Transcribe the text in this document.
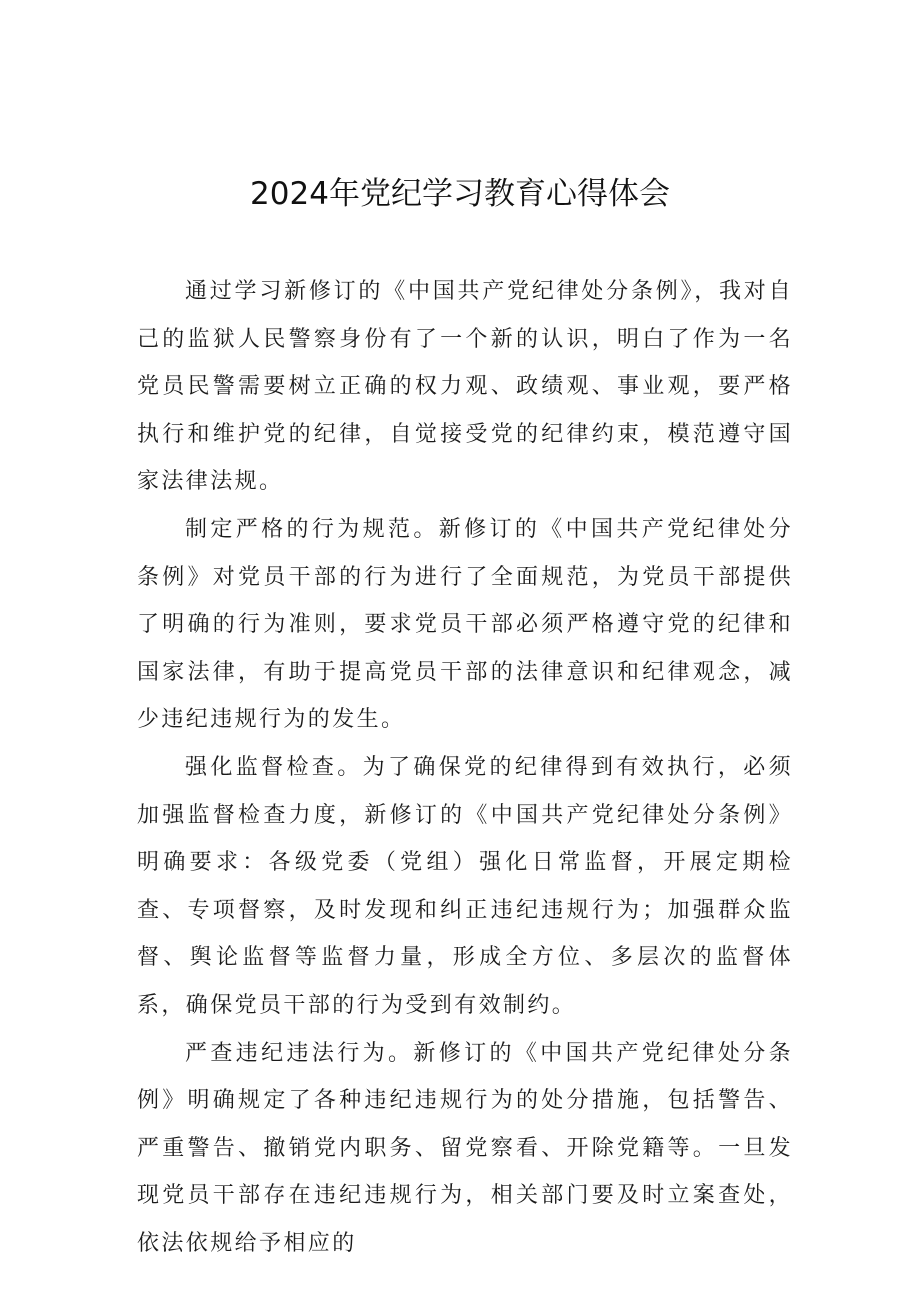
2024年党纪学习教育心得体会

通过学习新修订的《中国共产党纪律处分条例》，我对自己的监狱人民警察身份有了一个新的认识，明白了作为一名党员民警需要树立正确的权力观、政绩观、事业观，要严格执行和维护党的纪律，自觉接受党的纪律约束，模范遵守国家法律法规。

制定严格的行为规范。新修订的《中国共产党纪律处分条例》对党员干部的行为进行了全面规范，为党员干部提供了明确的行为准则，要求党员干部必须严格遵守党的纪律和国家法律，有助于提高党员干部的法律意识和纪律观念，减少违纪违规行为的发生。

强化监督检查。为了确保党的纪律得到有效执行，必须加强监督检查力度，新修订的《中国共产党纪律处分条例》明确要求：各级党委（党组）强化日常监督，开展定期检查、专项督察，及时发现和纠正违纪违规行为；加强群众监督、舆论监督等监督力量，形成全方位、多层次的监督体系，确保党员干部的行为受到有效制约。

严查违纪违法行为。新修订的《中国共产党纪律处分条例》明确规定了各种违纪违规行为的处分措施，包括警告、严重警告、撤销党内职务、留党察看、开除党籍等。一旦发现党员干部存在违纪违规行为，相关部门要及时立案查处，依法依规给予相应的
